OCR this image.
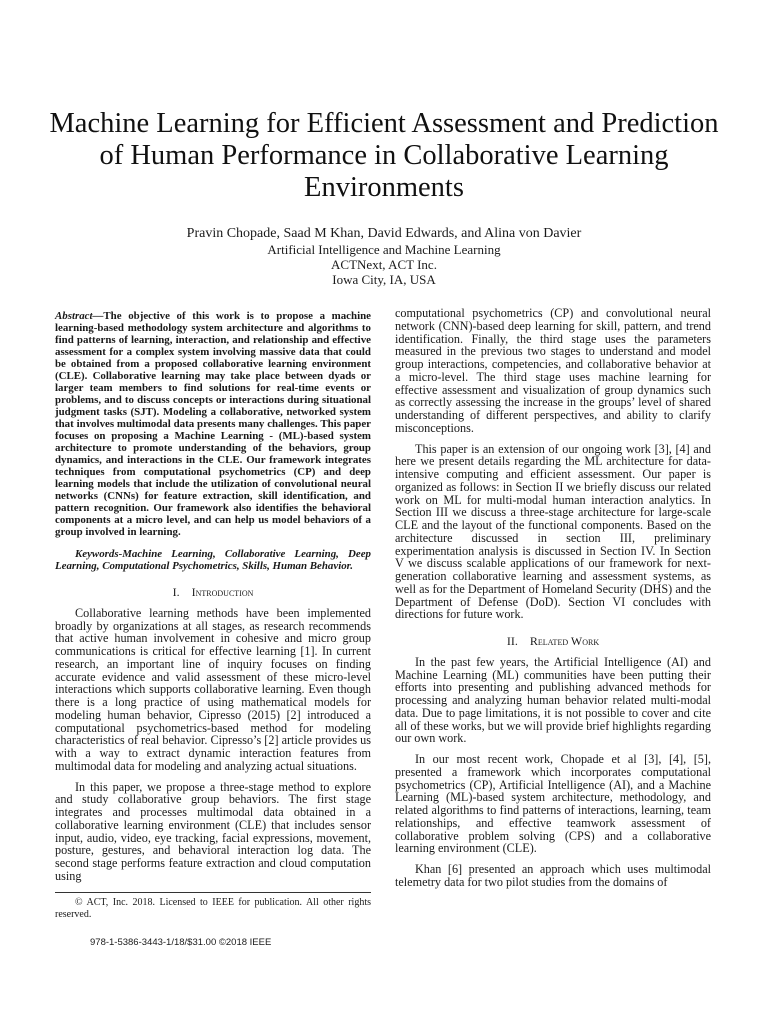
Machine Learning for Efficient Assessment and Prediction of Human Performance in Collaborative Learning Environments
Pravin Chopade, Saad M Khan, David Edwards, and Alina von Davier
Artificial Intelligence and Machine Learning
ACTNext, ACT Inc.
Iowa City, IA, USA

Abstract—The objective of this work is to propose a machine learning-based methodology system architecture and algorithms to find patterns of learning, interaction, and relationship and effective assessment for a complex system involving massive data that could be obtained from a proposed collaborative learning environment (CLE). Collaborative learning may take place between dyads or larger team members to find solutions for real-time events or problems, and to discuss concepts or interactions during situational judgment tasks (SJT). Modeling a collaborative, networked system that involves multimodal data presents many challenges. This paper focuses on proposing a Machine Learning - (ML)-based system architecture to promote understanding of the behaviors, group dynamics, and interactions in the CLE. Our framework integrates techniques from computational psychometrics (CP) and deep learning models that include the utilization of convolutional neural networks (CNNs) for feature extraction, skill identification, and pattern recognition. Our framework also identifies the behavioral components at a micro level, and can help us model behaviors of a group involved in learning.

Keywords-Machine Learning, Collaborative Learning, Deep Learning, Computational Psychometrics, Skills, Human Behavior.

I. Introduction

Collaborative learning methods have been implemented broadly by organizations at all stages, as research recommends that active human involvement in cohesive and micro group communications is critical for effective learning [1]. In current research, an important line of inquiry focuses on finding accurate evidence and valid assessment of these micro-level interactions which supports collaborative learning. Even though there is a long practice of using mathematical models for modeling human behavior, Cipresso (2015) [2] introduced a computational psychometrics-based method for modeling characteristics of real behavior. Cipresso’s [2] article provides us with a way to extract dynamic interaction features from multimodal data for modeling and analyzing actual situations.

In this paper, we propose a three-stage method to explore and study collaborative group behaviors. The first stage integrates and processes multimodal data obtained in a collaborative learning environment (CLE) that includes sensor input, audio, video, eye tracking, facial expressions, movement, posture, gestures, and behavioral interaction log data. The second stage performs feature extraction and cloud computation using

computational psychometrics (CP) and convolutional neural network (CNN)-based deep learning for skill, pattern, and trend identification. Finally, the third stage uses the parameters measured in the previous two stages to understand and model group interactions, competencies, and collaborative behavior at a micro-level. The third stage uses machine learning for effective assessment and visualization of group dynamics such as correctly assessing the increase in the groups’ level of shared understanding of different perspectives, and ability to clarify misconceptions.

This paper is an extension of our ongoing work [3], [4] and here we present details regarding the ML architecture for data-intensive computing and efficient assessment. Our paper is organized as follows: in Section II we briefly discuss our related work on ML for multi-modal human interaction analytics. In Section III we discuss a three-stage architecture for large-scale CLE and the layout of the functional components. Based on the architecture discussed in section III, preliminary experimentation analysis is discussed in Section IV. In Section V we discuss scalable applications of our framework for next-generation collaborative learning and assessment systems, as well as for the Department of Homeland Security (DHS) and the Department of Defense (DoD). Section VI concludes with directions for future work.

II. Related Work

In the past few years, the Artificial Intelligence (AI) and Machine Learning (ML) communities have been putting their efforts into presenting and publishing advanced methods for processing and analyzing human behavior related multi-modal data. Due to page limitations, it is not possible to cover and cite all of these works, but we will provide brief highlights regarding our own work.

In our most recent work, Chopade et al [3], [4], [5], presented a framework which incorporates computational psychometrics (CP), Artificial Intelligence (AI), and a Machine Learning (ML)-based system architecture, methodology, and related algorithms to find patterns of interactions, learning, team relationships, and effective teamwork assessment of collaborative problem solving (CPS) and a collaborative learning environment (CLE).

Khan [6] presented an approach which uses multimodal telemetry data for two pilot studies from the domains of

© ACT, Inc. 2018. Licensed to IEEE for publication. All other rights reserved.
978-1-5386-3443-1/18/$31.00 ©2018 IEEE
